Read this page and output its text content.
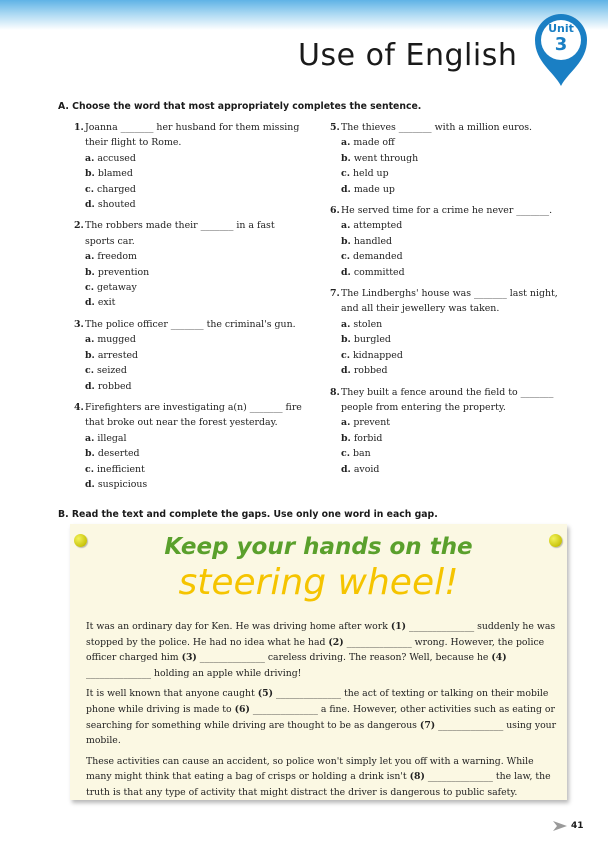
Use of English
Unit
3
A. Choose the word that most appropriately completes the sentence.
1. Joanna _______ her husband for them missing their flight to Rome.
a. accused
b. blamed
c. charged
d. shouted
2. The robbers made their _______ in a fast sports car.
a. freedom
b. prevention
c. getaway
d. exit
3. The police officer _______ the criminal's gun.
a. mugged
b. arrested
c. seized
d. robbed
4. Firefighters are investigating a(n) _______ fire that broke out near the forest yesterday.
a. illegal
b. deserted
c. inefficient
d. suspicious
5. The thieves _______ with a million euros.
a. made off
b. went through
c. held up
d. made up
6. He served time for a crime he never _______.
a. attempted
b. handled
c. demanded
d. committed
7. The Lindberghs' house was _______ last night, and all their jewellery was taken.
a. stolen
b. burgled
c. kidnapped
d. robbed
8. They built a fence around the field to _______ people from entering the property.
a. prevent
b. forbid
c. ban
d. avoid
B. Read the text and complete the gaps. Use only one word in each gap.
Keep your hands on the
steering wheel!

It was an ordinary day for Ken. He was driving home after work (1) ______________ suddenly he was stopped by the police. He had no idea what he had (2) ______________ wrong. However, the police officer charged him (3) ______________ careless driving. The reason? Well, because he (4) ______________ holding an apple while driving!

It is well known that anyone caught (5) ______________ the act of texting or talking on their mobile phone while driving is made to (6) ______________ a fine. However, other activities such as eating or searching for something while driving are thought to be as dangerous (7) ______________ using your mobile.

These activities can cause an accident, so police won't simply let you off with a warning. While many might think that eating a bag of crisps or holding a drink isn't (8) ______________ the law, the truth is that any type of activity that might distract the driver is dangerous to public safety.

41
